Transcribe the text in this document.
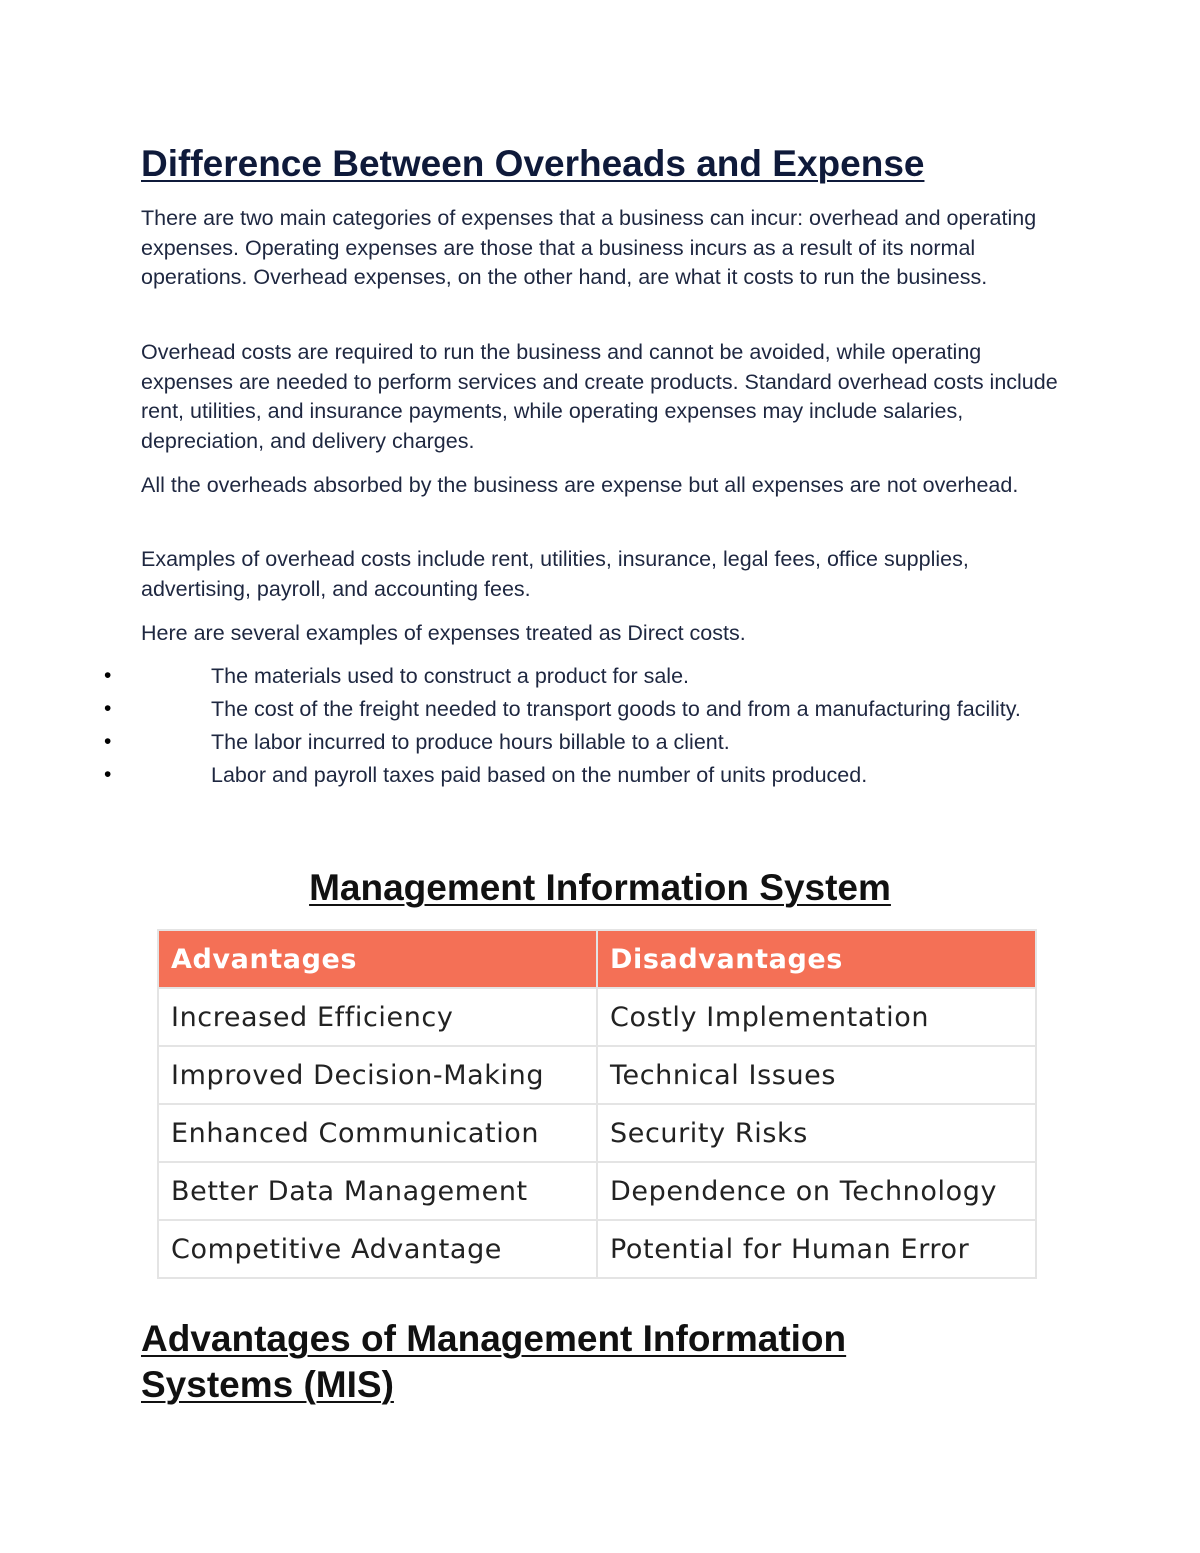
Difference Between Overheads and Expense

There are two main categories of expenses that a business can incur: overhead and operating expenses. Operating expenses are those that a business incurs as a result of its normal operations. Overhead expenses, on the other hand, are what it costs to run the business.

Overhead costs are required to run the business and cannot be avoided, while operating expenses are needed to perform services and create products. Standard overhead costs include rent, utilities, and insurance payments, while operating expenses may include salaries, depreciation, and delivery charges.

All the overheads absorbed by the business are expense but all expenses are not overhead.

Examples of overhead costs include rent, utilities, insurance, legal fees, office supplies, advertising, payroll, and accounting fees.

Here are several examples of expenses treated as Direct costs.

•	The materials used to construct a product for sale.
•	The cost of the freight needed to transport goods to and from a manufacturing facility.
•	The labor incurred to produce hours billable to a client.
•	Labor and payroll taxes paid based on the number of units produced.
Management Information System
Advantages	Disadvantages
Increased Efficiency	Costly Implementation
Improved Decision-Making	Technical Issues
Enhanced Communication	Security Risks
Better Data Management	Dependence on Technology
Competitive Advantage	Potential for Human Error
Advantages of Management Information Systems (MIS)
